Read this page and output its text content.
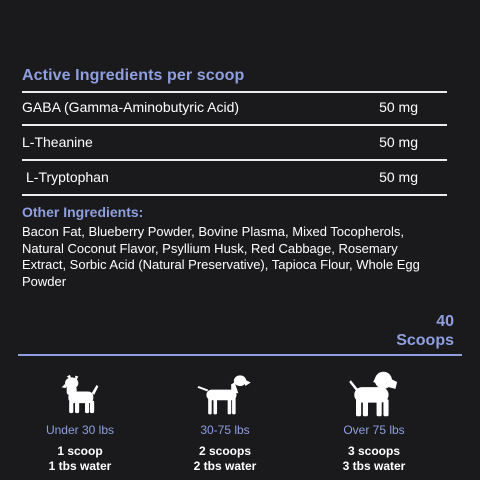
Active Ingredients per scoop
GABA (Gamma-Aminobutyric Acid)	50 mg
L-Theanine	50 mg
L-Tryptophan	50 mg
Other Ingredients:
Bacon Fat, Blueberry Powder, Bovine Plasma, Mixed Tocopherols, Natural Coconut Flavor, Psyllium Husk, Red Cabbage, Rosemary Extract, Sorbic Acid (Natural Preservative), Tapioca Flour, Whole Egg Powder
40
Scoops
Under 30 lbs
1 scoop
1 tbs water
30-75 lbs
2 scoops
2 tbs water
Over 75 lbs
3 scoops
3 tbs water
